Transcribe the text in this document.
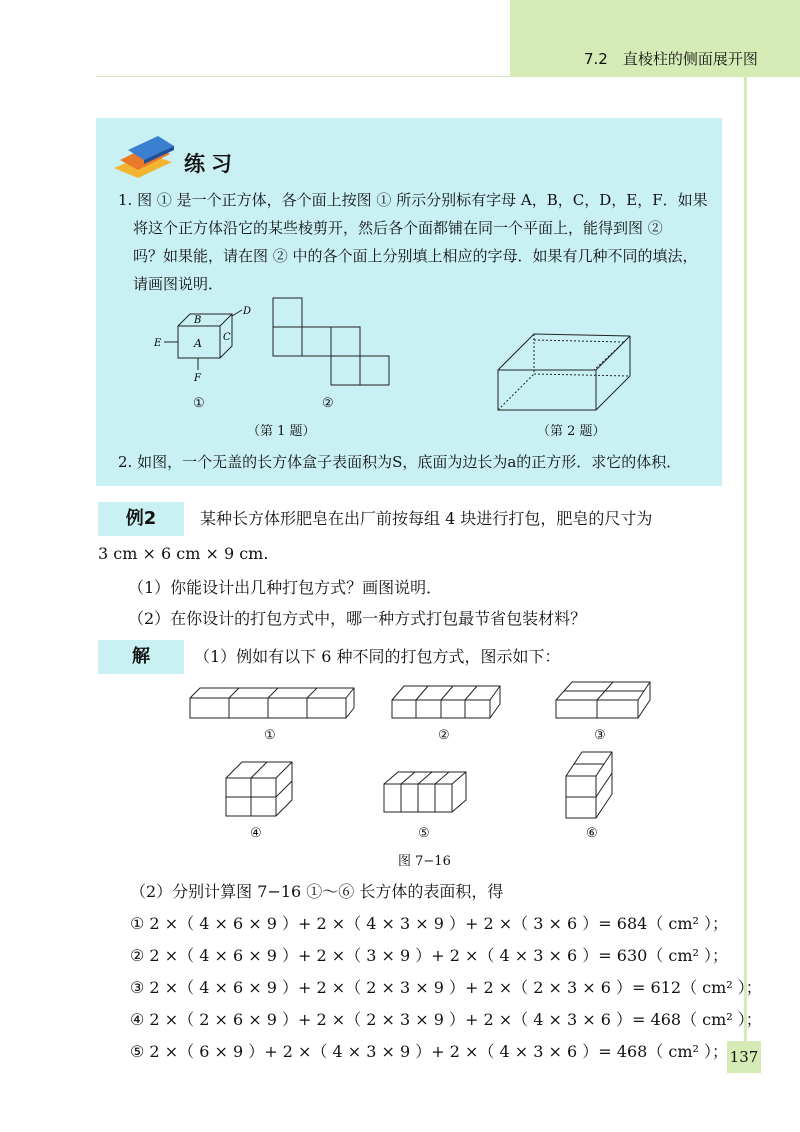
7.2　直棱柱的侧面展开图
137
练习
1. 图 ① 是一个正方体，各个面上按图 ① 所示分别标有字母 A，B，C，D，E，F．如果
将这个正方体沿它的某些棱剪开，然后各个面都铺在同一个平面上，能得到图 ②
吗？如果能，请在图 ② 中的各个面上分别填上相应的字母．如果有几种不同的填法，
请画图说明．
B
A C
D
E
F
①	②
（第 1 题）	（第 2 题）
2. 如图，一个无盖的长方体盒子表面积为S，底面为边长为a的正方形．求它的体积．
例2	某种长方体形肥皂在出厂前按每组 4 块进行打包，肥皂的尺寸为
3 cm × 6 cm × 9 cm.
（1）你能设计出几种打包方式？画图说明．
（2）在你设计的打包方式中，哪一种方式打包最节省包装材料？
解	（1）例如有以下 6 种不同的打包方式，图示如下：
①	②	③
④	⑤	⑥
图 7−16
（2）分别计算图 7−16 ①～⑥ 长方体的表面积，得
① 2 ×（ 4 × 6 × 9 ）+ 2 ×（ 4 × 3 × 9 ）+ 2 ×（ 3 × 6 ）= 684（ cm² ）；
② 2 ×（ 4 × 6 × 9 ）+ 2 ×（ 3 × 9 ）+ 2 ×（ 4 × 3 × 6 ）= 630（ cm² ）；
③ 2 ×（ 4 × 6 × 9 ）+ 2 ×（ 2 × 3 × 9 ）+ 2 ×（ 2 × 3 × 6 ）= 612（ cm² ）；
④ 2 ×（ 2 × 6 × 9 ）+ 2 ×（ 2 × 3 × 9 ）+ 2 ×（ 4 × 3 × 6 ）= 468（ cm² ）；
⑤ 2 ×（ 6 × 9 ）+ 2 ×（ 4 × 3 × 9 ）+ 2 ×（ 4 × 3 × 6 ）= 468（ cm² ）；
